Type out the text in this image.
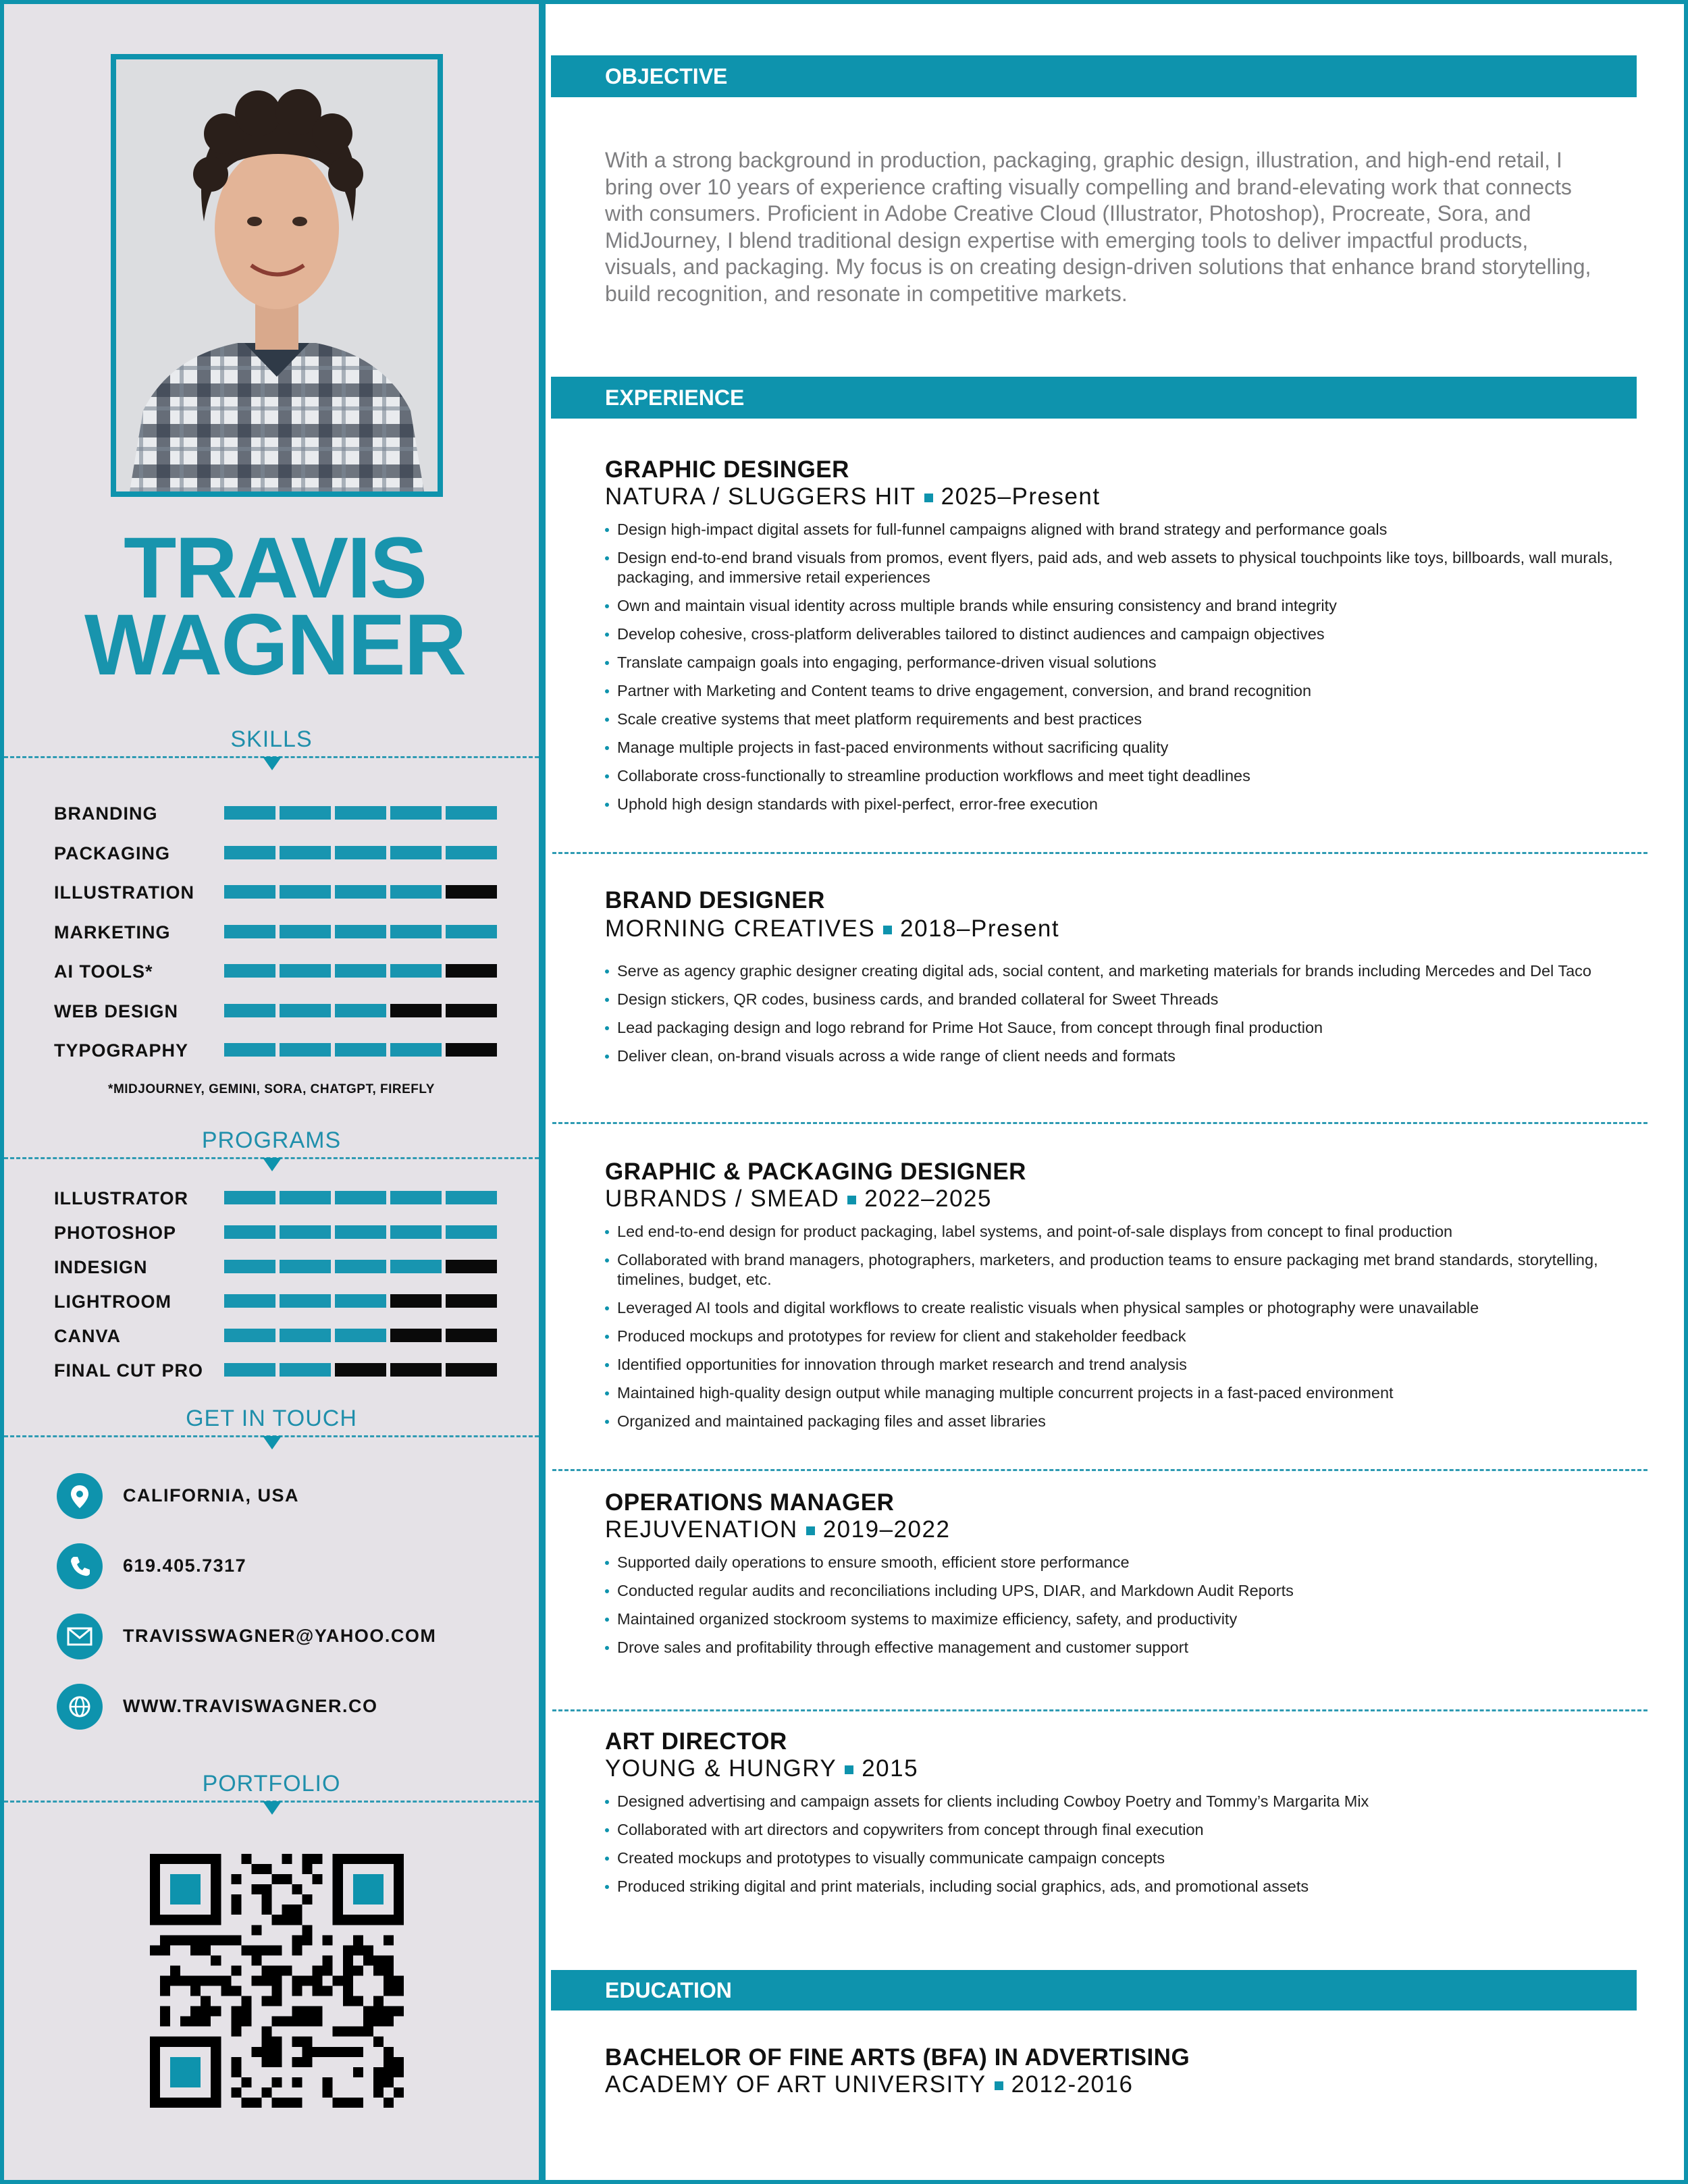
TRAVIS
WAGNER
SKILLS
BRANDING
PACKAGING
ILLUSTRATION
MARKETING
AI TOOLS*
WEB DESIGN
TYPOGRAPHY
*MIDJOURNEY, GEMINI, SORA, CHATGPT, FIREFLY
PROGRAMS
ILLUSTRATOR
PHOTOSHOP
INDESIGN
LIGHTROOM
CANVA
FINAL CUT PRO
GET IN TOUCH
CALIFORNIA, USA
619.405.7317
TRAVISSWAGNER@YAHOO.COM
WWW.TRAVISWAGNER.CO
PORTFOLIO
OBJECTIVE
With a strong background in production, packaging, graphic design, illustration, and high-end retail, I bring over 10 years of experience crafting visually compelling and brand-elevating work that connects with consumers. Proficient in Adobe Creative Cloud (Illustrator, Photoshop), Procreate, Sora, and MidJourney, I blend traditional design expertise with emerging tools to deliver impactful products, visuals, and packaging. My focus is on creating design-driven solutions that enhance brand storytelling, build recognition, and resonate in competitive markets.
EXPERIENCE
GRAPHIC DESINGER
NATURA / SLUGGERS HIT 2025–Present
Design high-impact digital assets for full-funnel campaigns aligned with brand strategy and performance goals
Design end-to-end brand visuals from promos, event flyers, paid ads, and web assets to physical touchpoints like toys, billboards, wall murals, packaging, and immersive retail experiences
Own and maintain visual identity across multiple brands while ensuring consistency and brand integrity
Develop cohesive, cross-platform deliverables tailored to distinct audiences and campaign objectives
Translate campaign goals into engaging, performance-driven visual solutions
Partner with Marketing and Content teams to drive engagement, conversion, and brand recognition
Scale creative systems that meet platform requirements and best practices
Manage multiple projects in fast-paced environments without sacrificing quality
Collaborate cross-functionally to streamline production workflows and meet tight deadlines
Uphold high design standards with pixel-perfect, error-free execution
BRAND DESIGNER
MORNING CREATIVES 2018–Present
Serve as agency graphic designer creating digital ads, social content, and marketing materials for brands including Mercedes and Del Taco
Design stickers, QR codes, business cards, and branded collateral for Sweet Threads
Lead packaging design and logo rebrand for Prime Hot Sauce, from concept through final production
Deliver clean, on-brand visuals across a wide range of client needs and formats
GRAPHIC & PACKAGING DESIGNER
UBRANDS / SMEAD 2022–2025
Led end-to-end design for product packaging, label systems, and point-of-sale displays from concept to final production
Collaborated with brand managers, photographers, marketers, and production teams to ensure packaging met brand standards, storytelling, timelines, budget, etc.
Leveraged AI tools and digital workflows to create realistic visuals when physical samples or photography were unavailable
Produced mockups and prototypes for review for client and stakeholder feedback
Identified opportunities for innovation through market research and trend analysis
Maintained high-quality design output while managing multiple concurrent projects in a fast-paced environment
Organized and maintained packaging files and asset libraries
OPERATIONS MANAGER
REJUVENATION 2019–2022
Supported daily operations to ensure smooth, efficient store performance
Conducted regular audits and reconciliations including UPS, DIAR, and Markdown Audit Reports
Maintained organized stockroom systems to maximize efficiency, safety, and productivity
Drove sales and profitability through effective management and customer support
ART DIRECTOR
YOUNG & HUNGRY 2015
Designed advertising and campaign assets for clients including Cowboy Poetry and Tommy’s Margarita Mix
Collaborated with art directors and copywriters from concept through final execution
Created mockups and prototypes to visually communicate campaign concepts
Produced striking digital and print materials, including social graphics, ads, and promotional assets
EDUCATION
BACHELOR OF FINE ARTS (BFA) IN ADVERTISING
ACADEMY OF ART UNIVERSITY 2012-2016
